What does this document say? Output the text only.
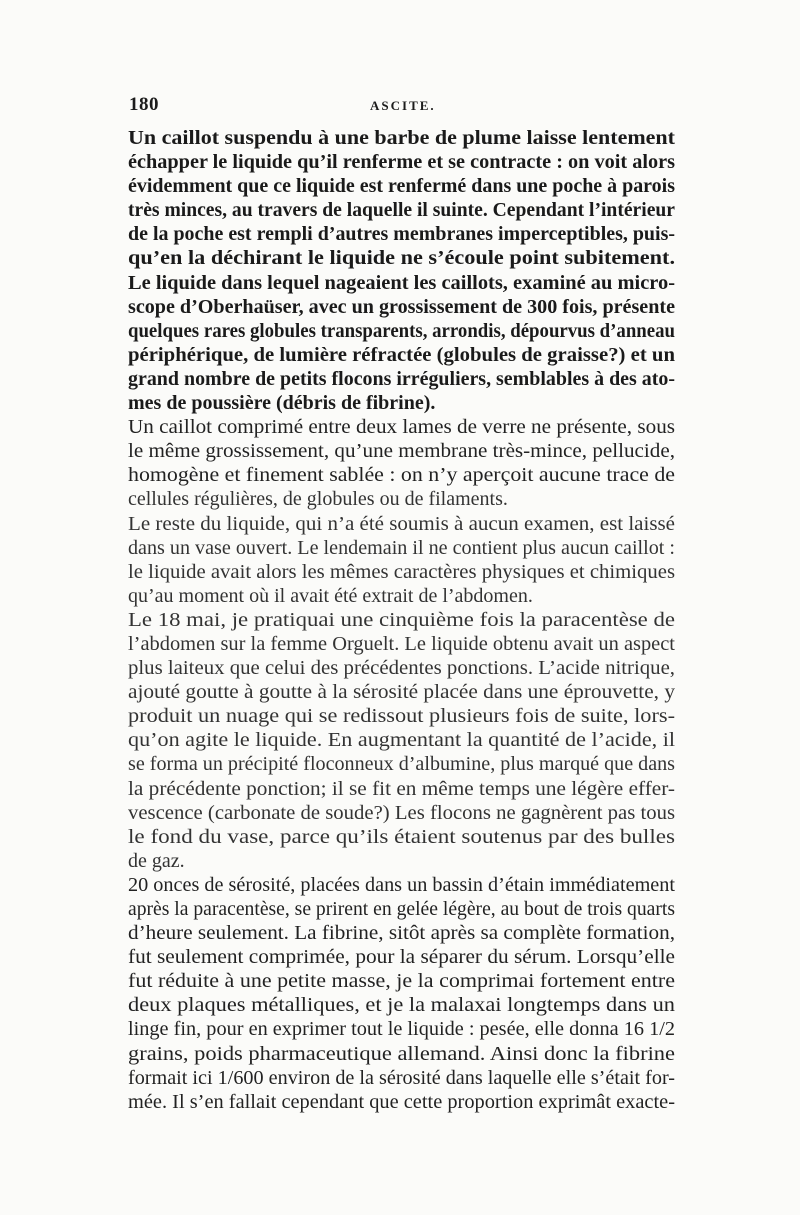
180	ASCITE.
Un caillot suspendu à une barbe de plume laisse lentement
échapper le liquide qu’il renferme et se contracte : on voit alors
évidemment que ce liquide est renfermé dans une poche à parois
très minces, au travers de laquelle il suinte. Cependant l’intérieur
de la poche est rempli d’autres membranes imperceptibles, puis-
qu’en la déchirant le liquide ne s’écoule point subitement.
Le liquide dans lequel nageaient les caillots, examiné au micro-
scope d’Oberhaüser, avec un grossissement de 300 fois, présente
quelques rares globules transparents, arrondis, dépourvus d’anneau
périphérique, de lumière réfractée (globules de graisse?) et un
grand nombre de petits flocons irréguliers, semblables à des ato-
mes de poussière (débris de fibrine).
Un caillot comprimé entre deux lames de verre ne présente, sous
le même grossissement, qu’une membrane très-mince, pellucide,
homogène et finement sablée : on n’y aperçoit aucune trace de
cellules régulières, de globules ou de filaments.
Le reste du liquide, qui n’a été soumis à aucun examen, est laissé
dans un vase ouvert. Le lendemain il ne contient plus aucun caillot :
le liquide avait alors les mêmes caractères physiques et chimiques
qu’au moment où il avait été extrait de l’abdomen.
Le 18 mai, je pratiquai une cinquième fois la paracentèse de
l’abdomen sur la femme Orguelt. Le liquide obtenu avait un aspect
plus laiteux que celui des précédentes ponctions. L’acide nitrique,
ajouté goutte à goutte à la sérosité placée dans une éprouvette, y
produit un nuage qui se redissout plusieurs fois de suite, lors-
qu’on agite le liquide. En augmentant la quantité de l’acide, il
se forma un précipité floconneux d’albumine, plus marqué que dans
la précédente ponction; il se fit en même temps une légère effer-
vescence (carbonate de soude?) Les flocons ne gagnèrent pas tous
le fond du vase, parce qu’ils étaient soutenus par des bulles
de gaz.
20 onces de sérosité, placées dans un bassin d’étain immédiatement
après la paracentèse, se prirent en gelée légère, au bout de trois quarts
d’heure seulement. La fibrine, sitôt après sa complète formation,
fut seulement comprimée, pour la séparer du sérum. Lorsqu’elle
fut réduite à une petite masse, je la comprimai fortement entre
deux plaques métalliques, et je la malaxai longtemps dans un
linge fin, pour en exprimer tout le liquide : pesée, elle donna 16 1/2
grains, poids pharmaceutique allemand. Ainsi donc la fibrine
formait ici 1/600 environ de la sérosité dans laquelle elle s’était for-
mée. Il s’en fallait cependant que cette proportion exprimât exacte-
